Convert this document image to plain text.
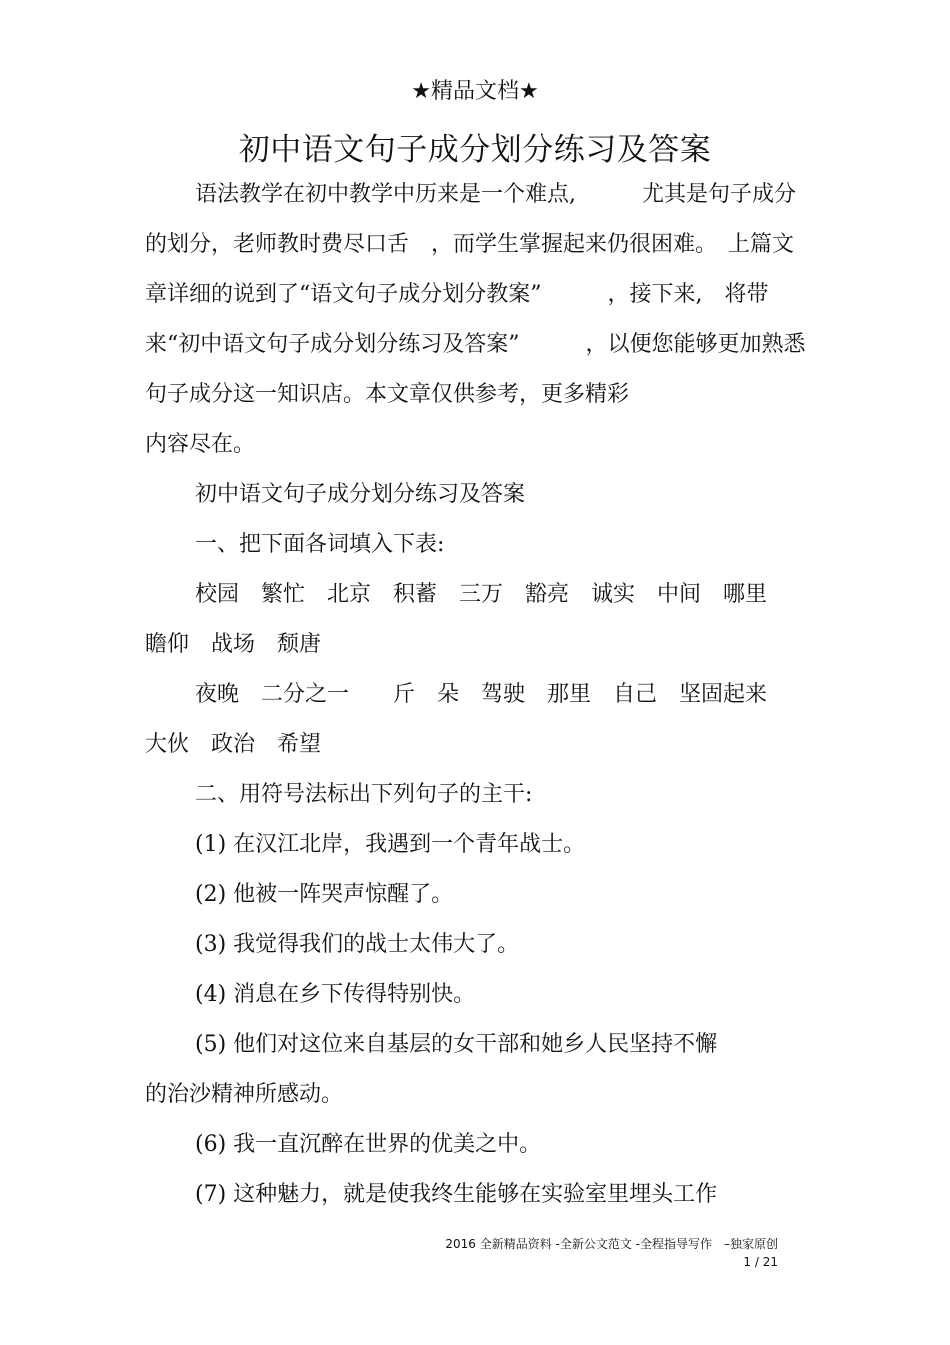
★精品文档★
初中语文句子成分划分练习及答案

语法教学在初中教学中历来是一个难点,　　　尤其是句子成分的划分，老师教时费尽口舌　，而学生掌握起来仍很困难。　上篇文章详细的说到了“语文句子成分划分教案”　　　，接下来,　将带来“初中语文句子成分划分练习及答案”　　　，以便您能够更加熟悉句子成分这一知识店。本文章仅供参考，更多精彩

内容尽在。

初中语文句子成分划分练习及答案

一、把下面各词填入下表:

校园　繁忙　北京　积蓄　三万　豁亮　诚实　中间　哪里　瞻仰　战场　颓唐

夜晚　二分之一　　斤　朵　驾驶　那里　自己　坚固起来　大伙　政治　希望

二、用符号法标出下列句子的主干:

(1) 在汉江北岸，我遇到一个青年战士。

(2) 他被一阵哭声惊醒了。

(3) 我觉得我们的战士太伟大了。

(4) 消息在乡下传得特别快。

(5) 他们对这位来自基层的女干部和她乡人民坚持不懈

的治沙精神所感动。

(6) 我一直沉醉在世界的优美之中。

(7) 这种魅力，就是使我终生能够在实验室里埋头工作

2016 全新精品资料 -全新公文范文 -全程指导写作　–独家原创
1 / 21
